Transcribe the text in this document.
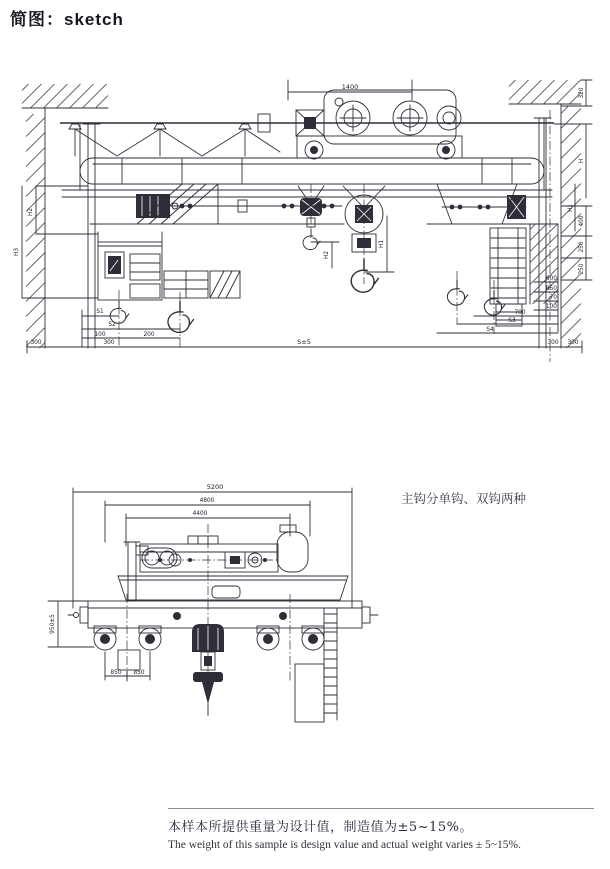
简图：sketch
1400
H2
H1
H2
H3
S1
S2
100	200
600
850
70
100
700
S3
S4
320
H
H1
400
250
250
300	300	S±5	300 300
主钩分单钩、双钩两种
5200
4800
4400
850 850
950±5
本样本所提供重量为设计值，制造值为±5~15%。
The weight of this sample is design value and actual weight varies ± 5~15%.
